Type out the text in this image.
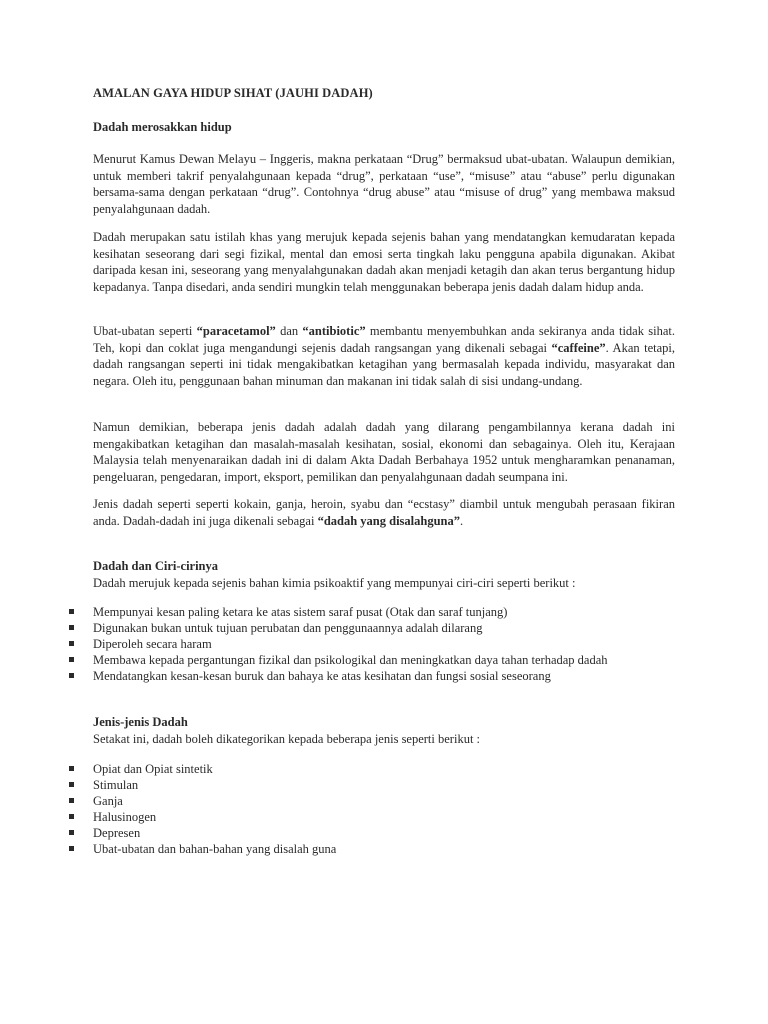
AMALAN GAYA HIDUP SIHAT (JAUHI DADAH)
Dadah merosakkan hidup

Menurut Kamus Dewan Melayu – Inggeris, makna perkataan “Drug” bermaksud ubat-ubatan. Walaupun demikian, untuk memberi takrif penyalahgunaan kepada “drug”, perkataan “use”, “misuse” atau “abuse” perlu digunakan bersama-sama dengan perkataan “drug”. Contohnya “drug abuse” atau “misuse of drug” yang membawa maksud penyalahgunaan dadah.

Dadah merupakan satu istilah khas yang merujuk kepada sejenis bahan yang mendatangkan kemudaratan kepada kesihatan seseorang dari segi fizikal, mental dan emosi serta tingkah laku pengguna apabila digunakan. Akibat daripada kesan ini, seseorang yang menyalahgunakan dadah akan menjadi ketagih dan akan terus bergantung hidup kepadanya. Tanpa disedari, anda sendiri mungkin telah menggunakan beberapa jenis dadah dalam hidup anda.

Ubat-ubatan seperti “paracetamol” dan “antibiotic” membantu menyembuhkan anda sekiranya anda tidak sihat. Teh, kopi dan coklat juga mengandungi sejenis dadah rangsangan yang dikenali sebagai “caffeine”. Akan tetapi, dadah rangsangan seperti ini tidak mengakibatkan ketagihan yang bermasalah kepada individu, masyarakat dan negara. Oleh itu, penggunaan bahan minuman dan makanan ini tidak salah di sisi undang-undang.

Namun demikian, beberapa jenis dadah adalah dadah yang dilarang pengambilannya kerana dadah ini mengakibatkan ketagihan dan masalah-masalah kesihatan, sosial, ekonomi dan sebagainya. Oleh itu, Kerajaan Malaysia telah menyenaraikan dadah ini di dalam Akta Dadah Berbahaya 1952 untuk mengharamkan penanaman, pengeluaran, pengedaran, import, eksport, pemilikan dan penyalahgunaan dadah seumpana ini.

Jenis dadah seperti seperti kokain, ganja, heroin, syabu dan “ecstasy” diambil untuk mengubah perasaan fikiran anda. Dadah-dadah ini juga dikenali sebagai “dadah yang disalahguna”.

Dadah dan Ciri-cirinya

Dadah merujuk kepada sejenis bahan kimia psikoaktif yang mempunyai ciri-ciri seperti berikut :

Mempunyai kesan paling ketara ke atas sistem saraf pusat (Otak dan saraf tunjang)
Digunakan bukan untuk tujuan perubatan dan penggunaannya adalah dilarang
Diperoleh secara haram
Membawa kepada pergantungan fizikal dan psikologikal dan meningkatkan daya tahan terhadap dadah
Mendatangkan kesan-kesan buruk dan bahaya ke atas kesihatan dan fungsi sosial seseorang
Jenis-jenis Dadah

Setakat ini, dadah boleh dikategorikan kepada beberapa jenis seperti berikut :

Opiat dan Opiat sintetik
Stimulan
Ganja
Halusinogen
Depresen
Ubat-ubatan dan bahan-bahan yang disalah guna
